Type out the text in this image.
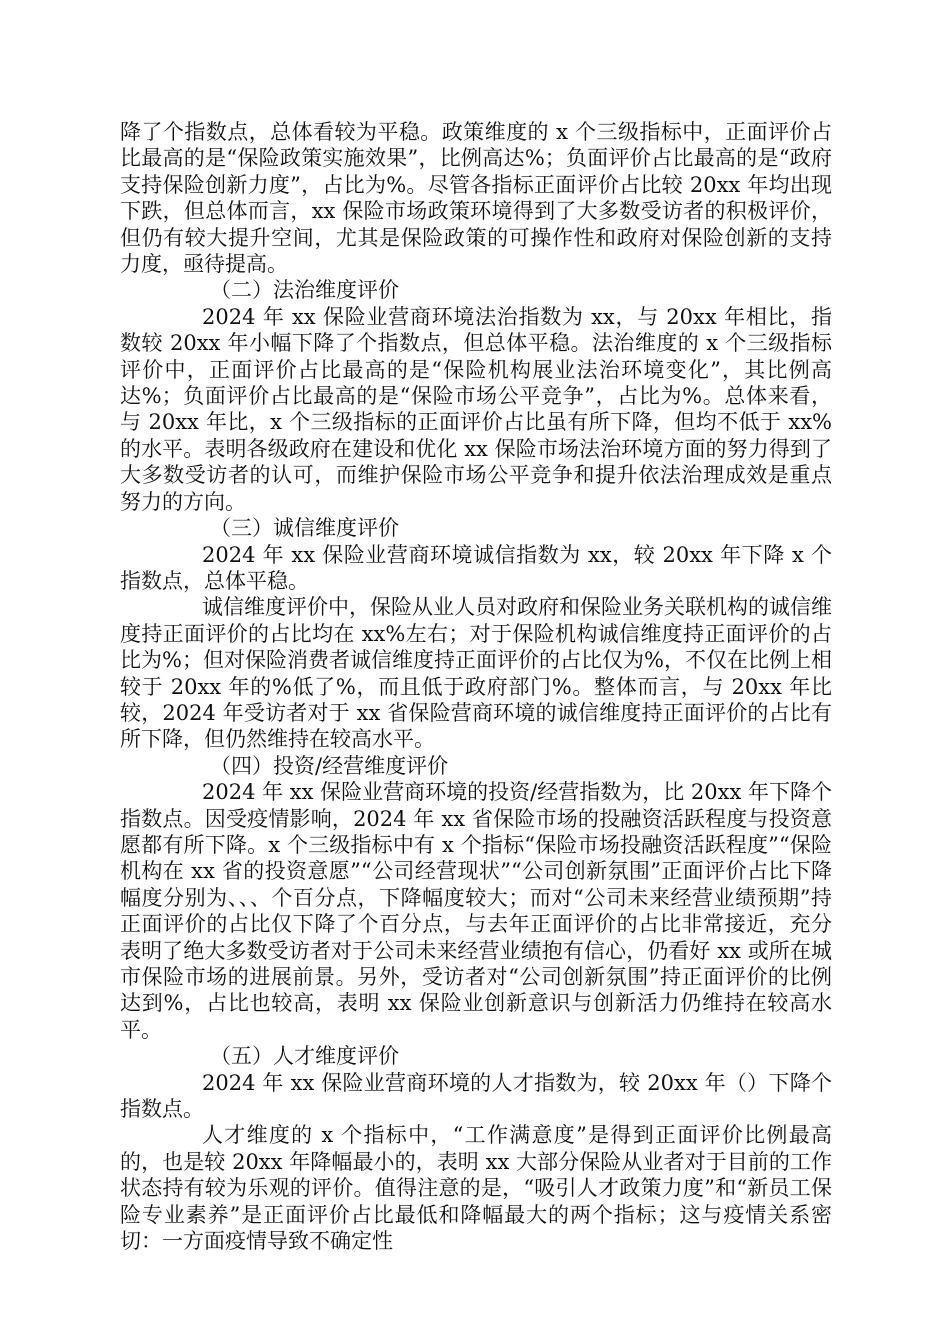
降了个指数点，总体看较为平稳。政策维度的 x 个三级指标中，正面评价占比最高的是“保险政策实施效果”，比例高达%；负面评价占比最高的是“政府支持保险创新力度”，占比为%。尽管各指标正面评价占比较 20xx 年均出现下跌，但总体而言，xx 保险市场政策环境得到了大多数受访者的积极评价，但仍有较大提升空间，尤其是保险政策的可操作性和政府对保险创新的支持力度，亟待提高。

（二）法治维度评价

2024 年 xx 保险业营商环境法治指数为 xx，与 20xx 年相比，指数较 20xx 年小幅下降了个指数点，但总体平稳。法治维度的 x 个三级指标评价中，正面评价占比最高的是“保险机构展业法治环境变化”，其比例高达%；负面评价占比最高的是“保险市场公平竞争”，占比为%。总体来看，与 20xx 年比，x 个三级指标的正面评价占比虽有所下降，但均不低于 xx%的水平。表明各级政府在建设和优化 xx 保险市场法治环境方面的努力得到了大多数受访者的认可，而维护保险市场公平竞争和提升依法治理成效是重点努力的方向。

（三）诚信维度评价

2024 年 xx 保险业营商环境诚信指数为 xx，较 20xx 年下降 x 个指数点，总体平稳。

诚信维度评价中，保险从业人员对政府和保险业务关联机构的诚信维度持正面评价的占比均在 xx%左右；对于保险机构诚信维度持正面评价的占比为%；但对保险消费者诚信维度持正面评价的占比仅为%，不仅在比例上相较于 20xx 年的%低了%，而且低于政府部门%。整体而言，与 20xx 年比较，2024 年受访者对于 xx 省保险营商环境的诚信维度持正面评价的占比有所下降，但仍然维持在较高水平。

（四）投资/经营维度评价

2024 年 xx 保险业营商环境的投资/经营指数为，比 20xx 年下降个指数点。因受疫情影响，2024 年 xx 省保险市场的投融资活跃程度与投资意愿都有所下降。x 个三级指标中有 x 个指标“保险市场投融资活跃程度”“保险机构在 xx 省的投资意愿”“公司经营现状”“公司创新氛围”正面评价占比下降幅度分别为、、、个百分点，下降幅度较大；而对“公司未来经营业绩预期”持正面评价的占比仅下降了个百分点，与去年正面评价的占比非常接近，充分表明了绝大多数受访者对于公司未来经营业绩抱有信心，仍看好 xx 或所在城市保险市场的进展前景。另外，受访者对“公司创新氛围”持正面评价的比例达到%，占比也较高，表明 xx 保险业创新意识与创新活力仍维持在较高水平。

（五）人才维度评价

2024 年 xx 保险业营商环境的人才指数为，较 20xx 年（）下降个指数点。

人才维度的 x 个指标中，“工作满意度”是得到正面评价比例最高的，也是较 20xx 年降幅最小的，表明 xx 大部分保险从业者对于目前的工作状态持有较为乐观的评价。值得注意的是，“吸引人才政策力度”和“新员工保险专业素养”是正面评价占比最低和降幅最大的两个指标；这与疫情关系密切：一方面疫情导致不确定性
